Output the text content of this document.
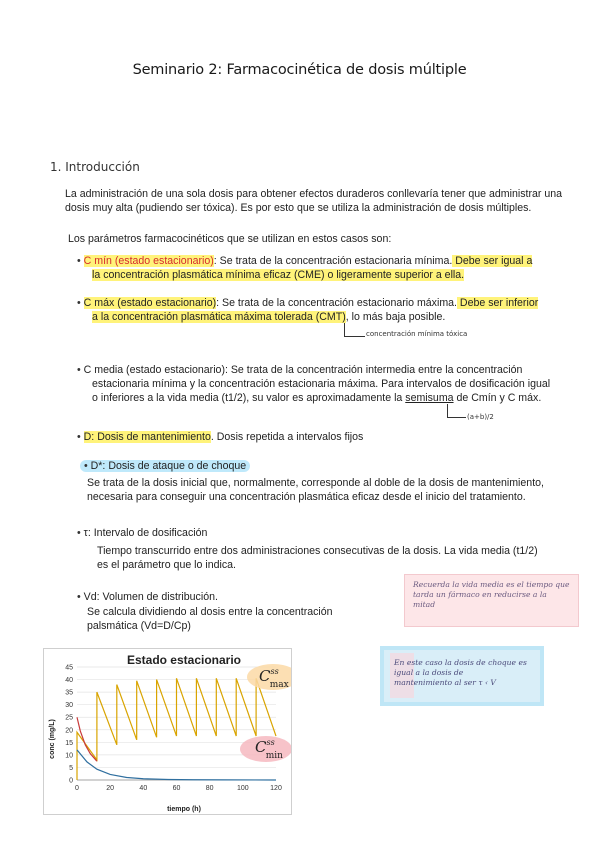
Seminario 2: Farmacocinética de dosis múltiple
1. Introducción
La administración de una sola dosis para obtener efectos duraderos conllevaría tener que administrar una
dosis muy alta (pudiendo ser tóxica). Es por esto que se utiliza la administración de dosis múltiples.
Los parámetros farmacocinéticos que se utilizan en estos casos son:
• C mín (estado estacionario): Se trata de la concentración estacionaria mínima. Debe ser igual a
la concentración plasmática mínima eficaz (CME) o ligeramente superior a ella.
• C máx (estado estacionario): Se trata de la concentración estacionario máxima. Debe ser inferior
a la concentración plasmática máxima tolerada (CMT), lo más baja posible.
concentración mínima tóxica
• C media (estado estacionario): Se trata de la concentración intermedia entre la concentración
estacionaria mínima y la concentración estacionaria máxima. Para intervalos de dosificación igual
o inferiores a la vida media (t1/2), su valor es aproximadamente la semisuma de Cmín y C máx.
(a+b)/2
• D: Dosis de mantenimiento. Dosis repetida a intervalos fijos
• D*: Dosis de ataque o de choque
Se trata de la dosis inicial que, normalmente, corresponde al doble de la dosis de mantenimiento,
necesaria para conseguir una concentración plasmática eficaz desde el inicio del tratamiento.
• τ: Intervalo de dosificación
Tiempo transcurrido entre dos administraciones consecutivas de la dosis. La vida media (t1/2)
es el parámetro que lo indica.
• Vd: Volumen de distribución.
Se calcula dividiendo al dosis entre la concentración
palsmática (Vd=D/Cp)
Recuerda la vida media es el tiempo que
tarda un fármaco en reducirse a la
mitad
En este caso la dosis de choque es
igual a la dosis de
mantenimiento al ser τ ‹ V
Estado estacionario
0
5
10
15
20
25
30
35
40
45
0	20	40	60	80	100	120
tiempo (h)
conc (mg/L)
$C^{ss}$ max
$C^{ss}$ min
